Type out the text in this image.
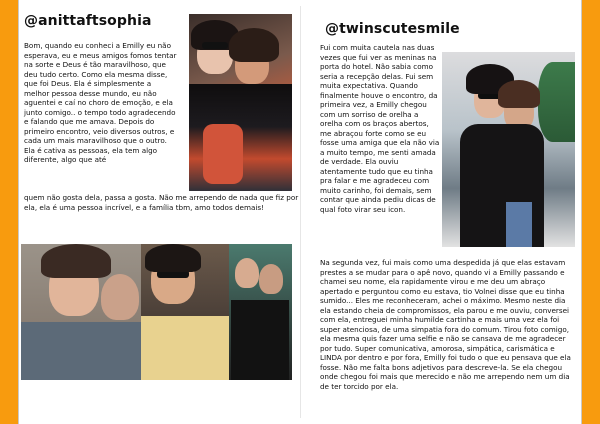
@anittaftsophia

Bom, quando eu conheci a Emilly eu não esperava, eu e meus amigos fomos tentar na sorte e Deus é tão maravilhoso, que deu tudo certo. Como ela mesma disse, que foi Deus. Ela é simplesmente a melhor pessoa desse mundo, eu não aguentei e caí no choro de emoção, e ela junto comigo.. o tempo todo agradecendo e falando que me amava. Depois do primeiro encontro, veio diversos outros, e cada um mais maravilhoso que o outro. Ela é cativa as pessoas, ela tem algo diferente, algo que até

quem não gosta dela, passa a gosta. Não me arrependo de nada que fiz por ela, ela é uma pessoa incrível, e a família tbm, amo todos demais!

@twinscutesmile

Fui com muita cautela nas duas vezes que fui ver as meninas na porta do hotel. Não sabia como seria a recepção delas. Fui sem muita expectativa. Quando finalmente houve o encontro, da primeira vez, a Emilly chegou com um sorriso de orelha a orelha com os braços abertos, me abraçou forte como se eu fosse uma amiga que ela não via a muito tempo, me senti amada de verdade. Ela ouviu atentamente tudo que eu tinha pra falar e me agradeceu com muito carinho, foi demais, sem contar que ainda pediu dicas de qual foto virar seu icon.

Na segunda vez, fui mais como uma despedida já que elas estavam prestes a se mudar para o apê novo, quando vi a Emilly passando e chamei seu nome, ela rapidamente virou e me deu um abraço apertado e perguntou como eu estava, tio Volnei disse que eu tinha sumido... Eles me reconheceram, achei o máximo. Mesmo neste dia ela estando cheia de compromissos, ela parou e me ouviu, conversei com ela, entreguei minha humilde cartinha e mais uma vez ela foi super atenciosa, de uma simpatia fora do comum. Tirou foto comigo, ela mesma quis fazer uma selfie e não se cansava de me agradecer por tudo. Super comunicativa, amorosa, simpática, carismática e LINDA por dentro e por fora, Emilly foi tudo o que eu pensava que ela fosse. Não me falta bons adjetivos para descreve-la. Se ela chegou onde chegou foi mais que merecido e não me arrependo nem um dia de ter torcido por ela.
